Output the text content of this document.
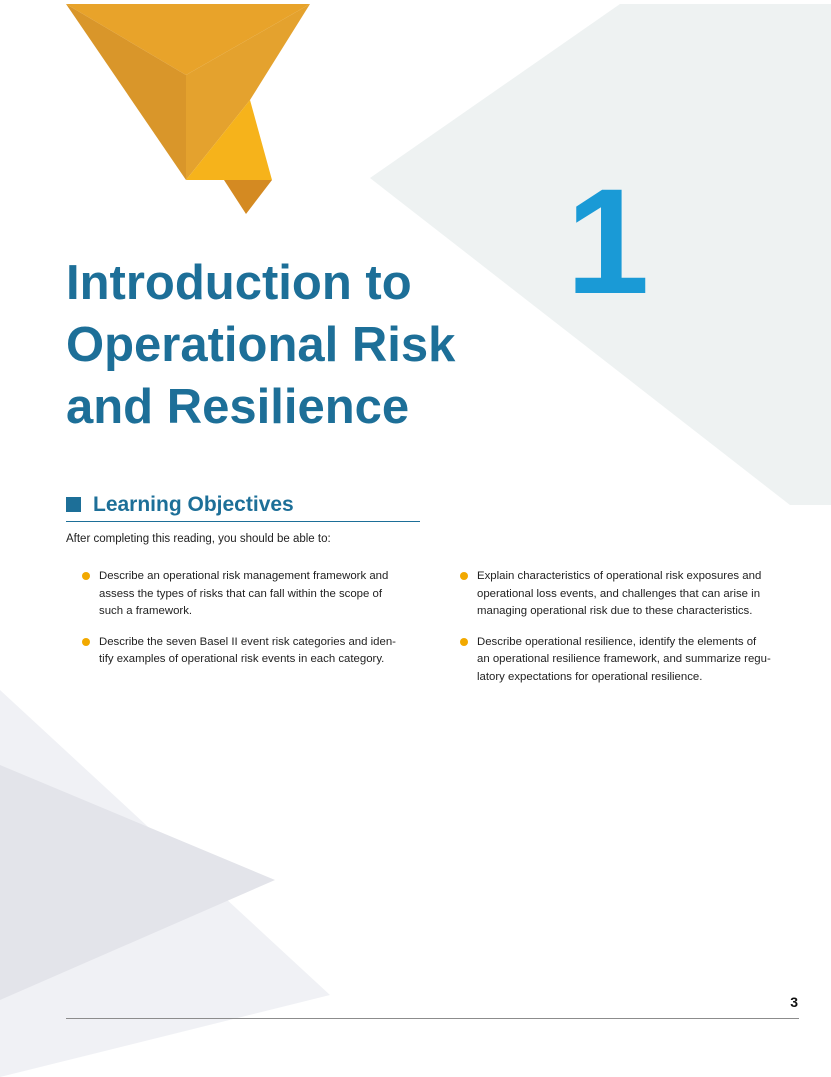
1
Introduction to
Operational Risk
and Resilience
Learning Objectives
After completing this reading, you should be able to:
Describe an operational risk management framework and
assess the types of risks that can fall within the scope of
such a framework.
Describe the seven Basel II event risk categories and iden-
tify examples of operational risk events in each category.
Explain characteristics of operational risk exposures and
operational loss events, and challenges that can arise in
managing operational risk due to these characteristics.
Describe operational resilience, identify the elements of
an operational resilience framework, and summarize regu-
latory expectations for operational resilience.
3
